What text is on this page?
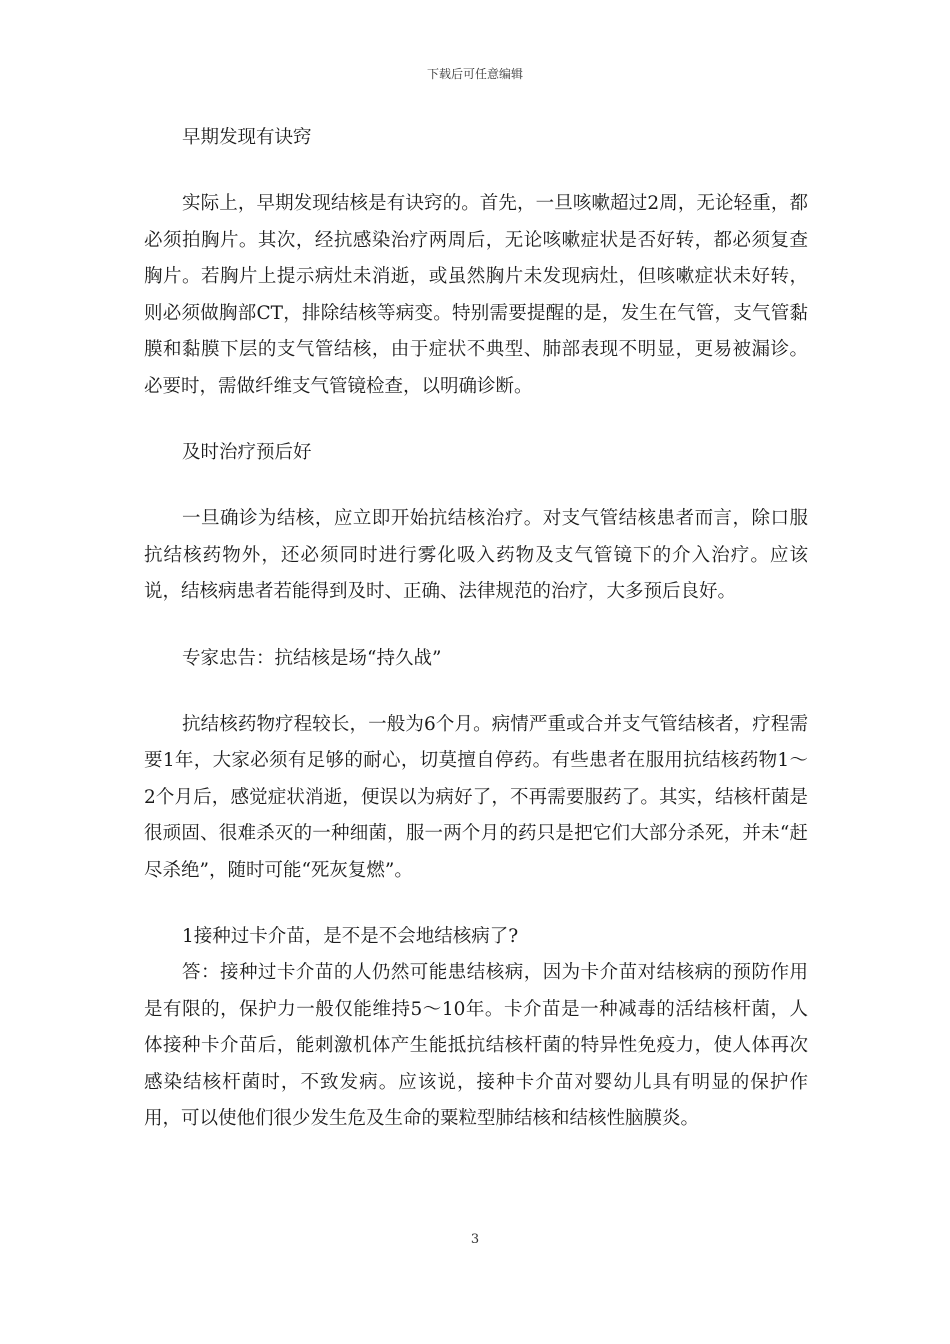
下载后可任意编辑

早期发现有诀窍

实际上，早期发现结核是有诀窍的。首先，一旦咳嗽超过2周，无论轻重，都必须拍胸片。其次，经抗感染治疗两周后，无论咳嗽症状是否好转，都必须复查胸片。若胸片上提示病灶未消逝，或虽然胸片未发现病灶，但咳嗽症状未好转，则必须做胸部CT，排除结核等病变。特别需要提醒的是，发生在气管，支气管黏膜和黏膜下层的支气管结核，由于症状不典型、肺部表现不明显，更易被漏诊。必要时，需做纤维支气管镜检查，以明确诊断。

及时治疗预后好

一旦确诊为结核，应立即开始抗结核治疗。对支气管结核患者而言，除口服抗结核药物外，还必须同时进行雾化吸入药物及支气管镜下的介入治疗。应该说，结核病患者若能得到及时、正确、法律规范的治疗，大多预后良好。

专家忠告：抗结核是场“持久战”

抗结核药物疗程较长，一般为6个月。病情严重或合并支气管结核者，疗程需要1年，大家必须有足够的耐心，切莫擅自停药。有些患者在服用抗结核药物1～2个月后，感觉症状消逝，便误以为病好了，不再需要服药了。其实，结核杆菌是很顽固、很难杀灭的一种细菌，服一两个月的药只是把它们大部分杀死，并未“赶尽杀绝”，随时可能“死灰复燃”。

1接种过卡介苗，是不是不会地结核病了?

答：接种过卡介苗的人仍然可能患结核病，因为卡介苗对结核病的预防作用是有限的，保护力一般仅能维持5～10年。卡介苗是一种减毒的活结核杆菌，人体接种卡介苗后，能刺激机体产生能抵抗结核杆菌的特异性免疫力，使人体再次感染结核杆菌时，不致发病。应该说，接种卡介苗对婴幼儿具有明显的保护作用，可以使他们很少发生危及生命的粟粒型肺结核和结核性脑膜炎。

3
